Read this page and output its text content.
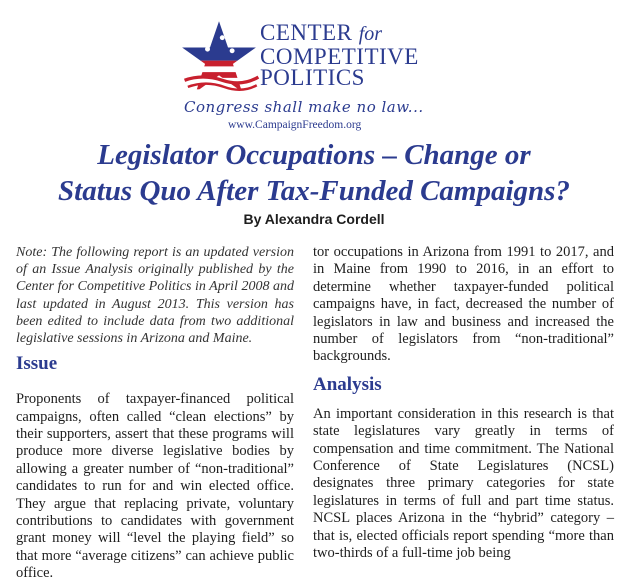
CENTER for
COMPETITIVE
POLITICS
Congress shall make no law...
www.CampaignFreedom.org
Legislator Occupations – Change or
Status Quo After Tax-Funded Campaigns?
By Alexandra Cordell

Note: The following report is an updated version of an Issue Analysis originally published by the Center for Competitive Politics in April 2008 and last updated in August 2013. This version has been edited to include data from two additional legislative sessions in Arizona and Maine.

Issue

Proponents of taxpayer-financed political campaigns, often called “clean elections” by their supporters, assert that these programs will produce more diverse legislative bodies by allowing a greater number of “non-traditional” candidates to run for and win elected office. They argue that replacing private, voluntary contributions to candidates with government grant money will “level the playing field” so that more “average citizens” can achieve public office.

tor occupations in Arizona from 1991 to 2017, and in Maine from 1990 to 2016, in an effort to determine whether taxpayer-funded political campaigns have, in fact, decreased the number of legislators in law and business and increased the number of legislators from “non-traditional” backgrounds.

Analysis

An important consideration in this research is that state legislatures vary greatly in terms of compensation and time commitment. The National Conference of State Legislatures (NCSL) designates three primary categories for state legislatures in terms of full and part time status. NCSL places Arizona in the “hybrid” category – that is, elected officials report spending “more than two-thirds of a full-time job being
